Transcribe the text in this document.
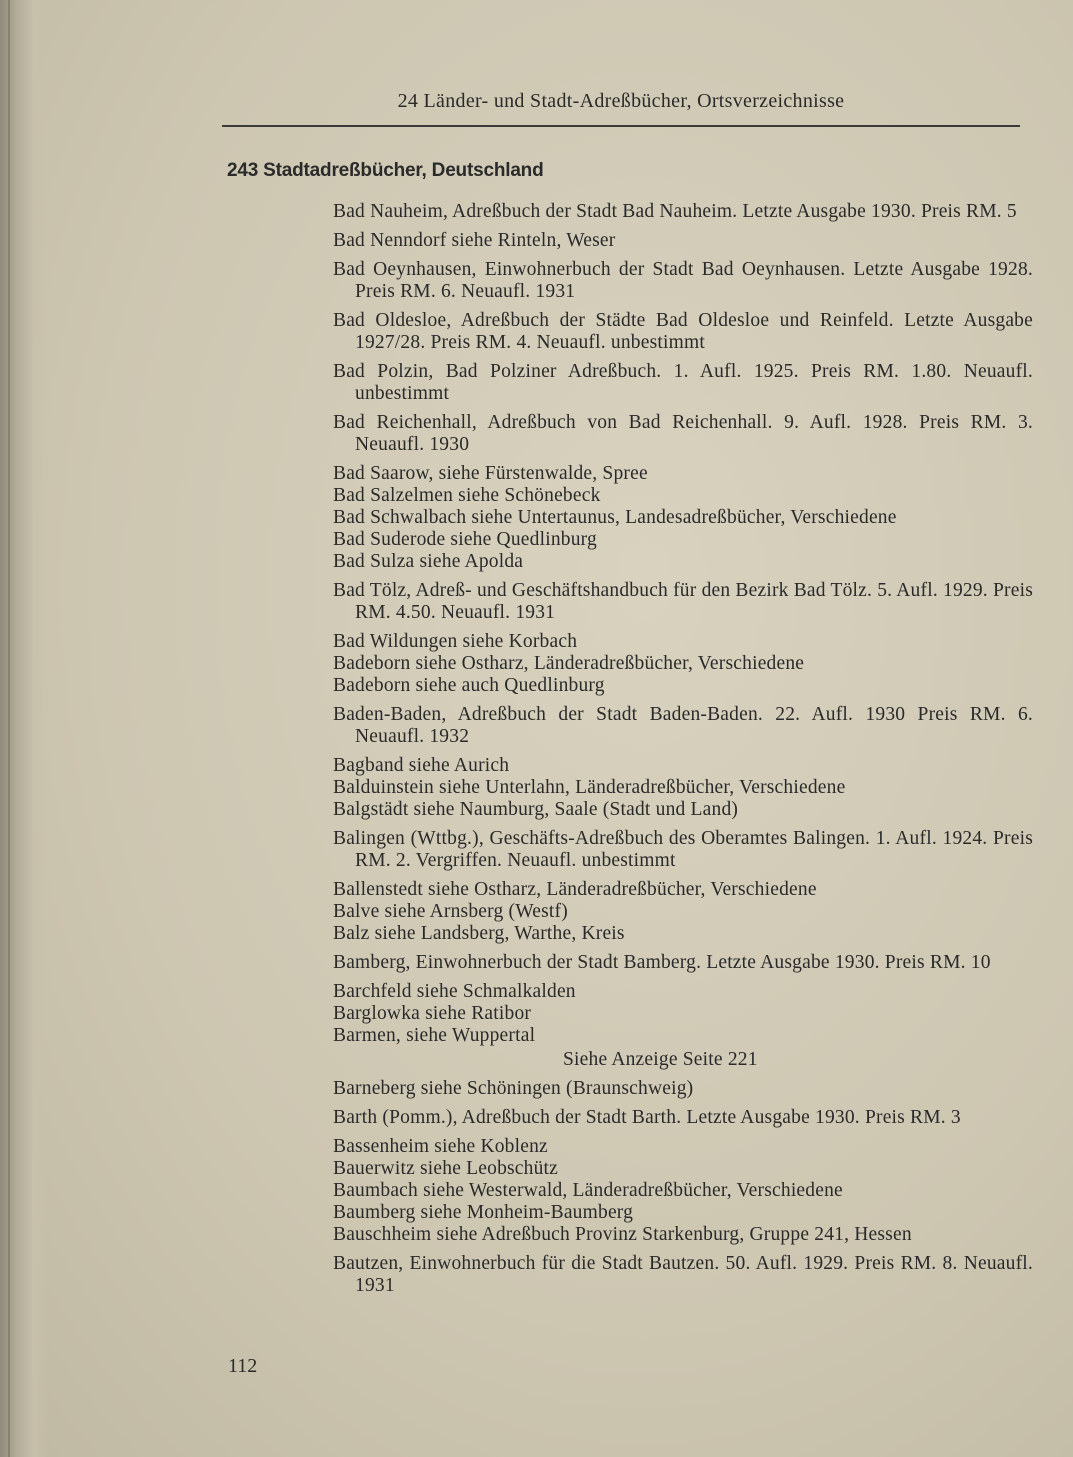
24 Länder- und Stadt-Adreßbücher, Ortsverzeichnisse
243 Stadtadreßbücher, Deutschland
Bad Nauheim, Adreßbuch der Stadt Bad Nauheim. Letzte Ausgabe 1930. Preis RM. 5
Bad Nenndorf siehe Rinteln, Weser
Bad Oeynhausen, Einwohnerbuch der Stadt Bad Oeynhausen. Letzte Ausgabe 1928. Preis RM. 6. Neuaufl. 1931
Bad Oldesloe, Adreßbuch der Städte Bad Oldesloe und Reinfeld. Letzte Ausgabe 1927/28. Preis RM. 4. Neuaufl. unbestimmt
Bad Polzin, Bad Polziner Adreßbuch. 1. Aufl. 1925. Preis RM. 1.80. Neuaufl. unbestimmt
Bad Reichenhall, Adreßbuch von Bad Reichenhall. 9. Aufl. 1928. Preis RM. 3. Neuaufl. 1930
Bad Saarow, siehe Fürstenwalde, Spree
Bad Salzelmen siehe Schönebeck
Bad Schwalbach siehe Untertaunus, Landesadreßbücher, Verschiedene
Bad Suderode siehe Quedlinburg
Bad Sulza siehe Apolda
Bad Tölz, Adreß- und Geschäftshandbuch für den Bezirk Bad Tölz. 5. Aufl. 1929. Preis RM. 4.50. Neuaufl. 1931
Bad Wildungen siehe Korbach
Badeborn siehe Ostharz, Länderadreßbücher, Verschiedene
Badeborn siehe auch Quedlinburg
Baden-Baden, Adreßbuch der Stadt Baden-Baden. 22. Aufl. 1930 Preis RM. 6. Neuaufl. 1932
Bagband siehe Aurich
Balduinstein siehe Unterlahn, Länderadreßbücher, Verschiedene
Balgstädt siehe Naumburg, Saale (Stadt und Land)
Balingen (Wttbg.), Geschäfts-Adreßbuch des Oberamtes Balingen. 1. Aufl. 1924. Preis RM. 2. Vergriffen. Neuaufl. unbestimmt
Ballenstedt siehe Ostharz, Länderadreßbücher, Verschiedene
Balve siehe Arnsberg (Westf)
Balz siehe Landsberg, Warthe, Kreis
Bamberg, Einwohnerbuch der Stadt Bamberg. Letzte Ausgabe 1930. Preis RM. 10
Barchfeld siehe Schmalkalden
Barglowka siehe Ratibor
Barmen, siehe Wuppertal
Siehe Anzeige Seite 221
Barneberg siehe Schöningen (Braunschweig)
Barth (Pomm.), Adreßbuch der Stadt Barth. Letzte Ausgabe 1930. Preis RM. 3
Bassenheim siehe Koblenz
Bauerwitz siehe Leobschütz
Baumbach siehe Westerwald, Länderadreßbücher, Verschiedene
Baumberg siehe Monheim-Baumberg
Bauschheim siehe Adreßbuch Provinz Starkenburg, Gruppe 241, Hessen
Bautzen, Einwohnerbuch für die Stadt Bautzen. 50. Aufl. 1929. Preis RM. 8. Neuaufl. 1931
112
